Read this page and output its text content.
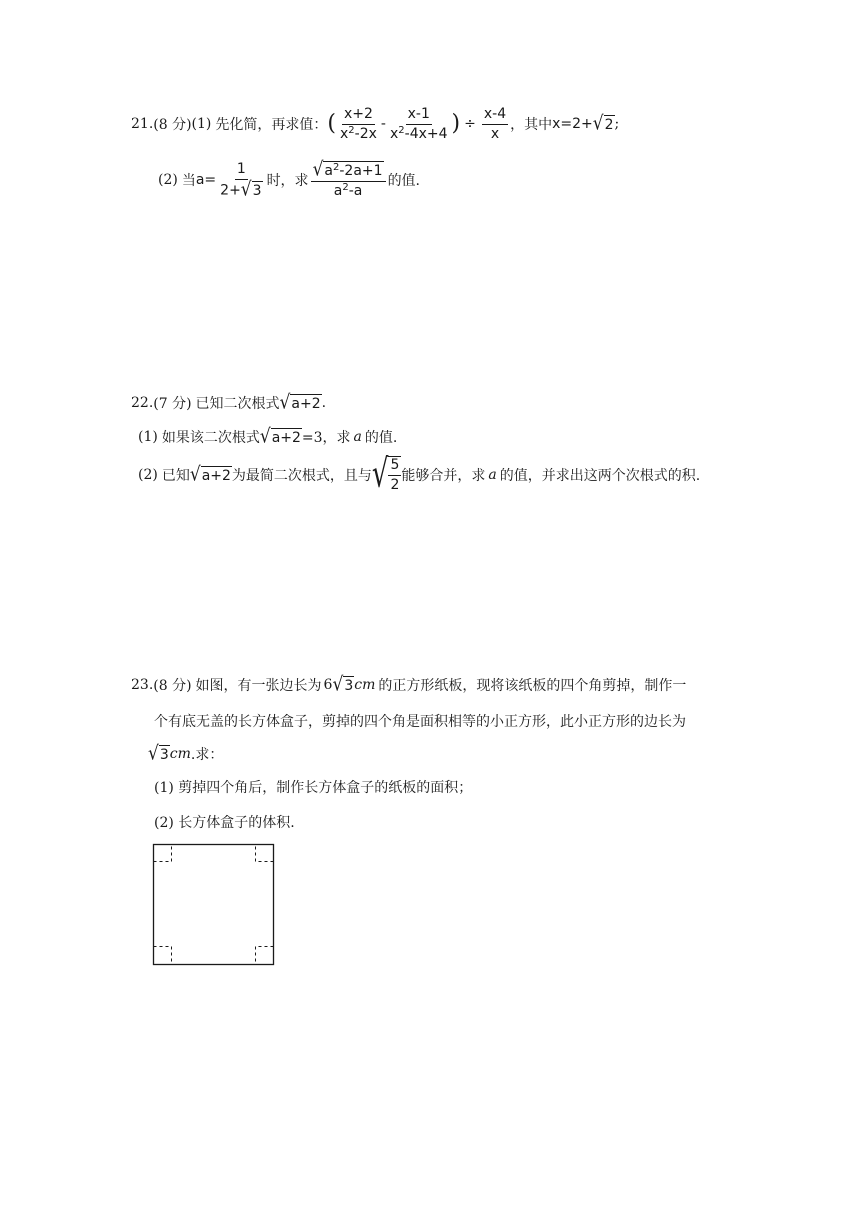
21. (8 分) (1) 先化简，再求值： ( $\frac{x+2}{x^2-2x} - \frac{x-1}{x^2-4x+4}$ ) ÷ $\frac{x-4}{x}$ ，其中 x=2+ √ 2 ;
(2) 当 $a= \frac{1}{2+ √ 3}$ 时，求 $\frac{√ a^2-2a+1}{a^2-a}$ 的值.
22. (7 分) 已知二次根式 √ a+2 .
(1) 如果该二次根式 √ a+2 =3，求 a 的值.
(2) 已知 √ a+2 为最简二次根式，且与 √ $\frac{5}{2}$ 能够合并，求 a 的值，并求出这两个次根式的积.
23. (8 分) 如图，有一张边长为 6 √ 3 cm 的正方形纸板，现将该纸板的四个角剪掉，制作一
个有底无盖的长方体盒子，剪掉的四个角是面积相等的小正方形，此小正方形的边长为
√ 3 cm .求：
(1) 剪掉四个角后，制作长方体盒子的纸板的面积；
(2) 长方体盒子的体积.
